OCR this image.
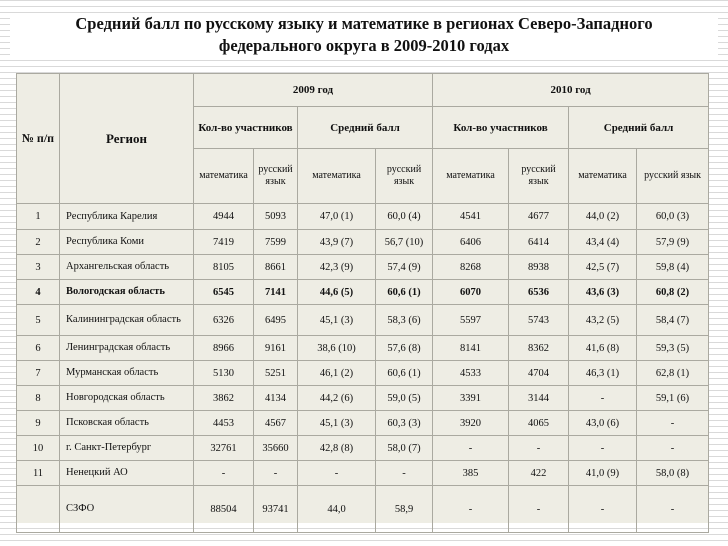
Средний балл по русскому языку и математике в регионах Северо-Западного
федерального округа в 2009-2010 годах
№ п/п	Регион	2009 год				2010 год			
		Кол-во участников		Средний балл		Кол-во участников		Средний балл	
		математика	русский язык	математика	русский язык	математика	русский язык	математика	русский язык
1	Республика Карелия	4944	5093	47,0 (1)	60,0 (4)	4541	4677	44,0 (2)	60,0 (3)
2	Республика Коми	7419	7599	43,9 (7)	56,7 (10)	6406	6414	43,4 (4)	57,9 (9)
3	Архангельская область	8105	8661	42,3 (9)	57,4 (9)	8268	8938	42,5 (7)	59,8 (4)
4	Вологодская область	6545	7141	44,6 (5)	60,6 (1)	6070	6536	43,6 (3)	60,8 (2)
5	Калининградская область	6326	6495	45,1 (3)	58,3 (6)	5597	5743	43,2 (5)	58,4 (7)
6	Ленинградская область	8966	9161	38,6 (10)	57,6 (8)	8141	8362	41,6 (8)	59,3 (5)
7	Мурманская область	5130	5251	46,1 (2)	60,6 (1)	4533	4704	46,3 (1)	62,8 (1)
8	Новгородская область	3862	4134	44,2 (6)	59,0 (5)	3391	3144	-	59,1 (6)
9	Псковская область	4453	4567	45,1 (3)	60,3 (3)	3920	4065	43,0 (6)	-
10	г. Санкт-Петербург	32761	35660	42,8 (8)	58,0 (7)	-	-	-	-
11	Ненецкий АО	-	-	-	-	385	422	41,0 (9)	58,0 (8)
	СЗФО	88504	93741	44,0	58,9	-	-	-	-
